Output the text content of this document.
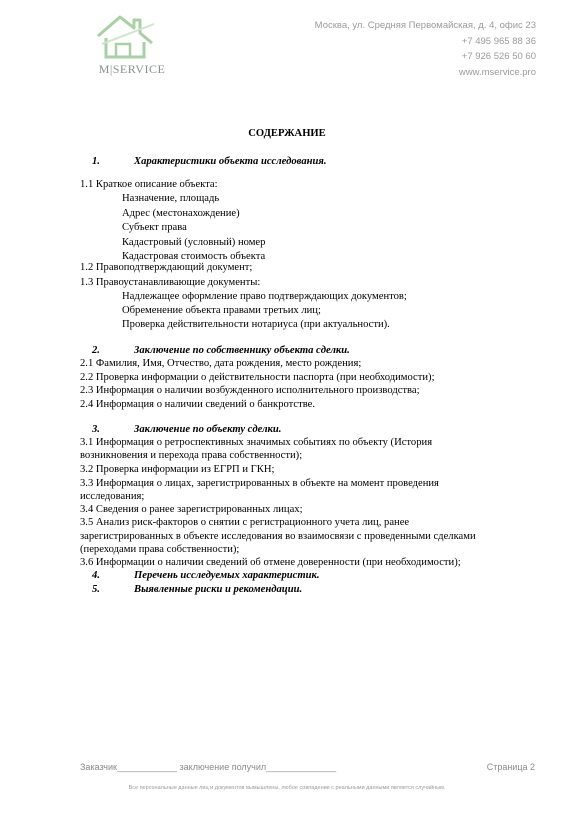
M|SERVICE
Москва, ул. Средняя Первомайская, д. 4, офис 23
+7 495 965 88 36
+7 926 526 50 60
www.mservice.pro
СОДЕРЖАНИЕ
1.	Характеристики объекта исследования.
1.1 Краткое описание объекта:
Назначение, площадь
Адрес (местонахождение)
Субъект права
Кадастровый (условный) номер
Кадастровая стоимость объекта
1.2 Правоподтверждающий документ;
1.3 Правоустанавливающие документы:
Надлежащее оформление право подтверждающих документов;
Обременение объекта правами третьих лиц;
Проверка действительности нотариуса (при актуальности).
2.	Заключение по собственнику объекта сделки.
2.1 Фамилия, Имя, Отчество, дата рождения, место рождения;
2.2 Проверка информации о действительности паспорта (при необходимости);
2.3 Информация о наличии возбужденного исполнительного производства;
2.4 Информация о наличии сведений о банкротстве.
3.	Заключение по объекту сделки.
3.1 Информация о ретроспективных значимых событиях по объекту (История
возникновения и перехода права собственности);
3.2 Проверка информации из ЕГРП и ГКН;
3.3 Информация о лицах, зарегистрированных в объекте на момент проведения
исследования;
3.4 Сведения о ранее зарегистрированных лицах;
3.5 Анализ риск-факторов о снятии с регистрационного учета лиц, ранее
зарегистрированных в объекте исследования во взаимосвязи с проведенными сделками
(переходами права собственности);
3.6 Информации о наличии сведений об отмене доверенности (при необходимости);
4.	Перечень исследуемых характеристик.
5.	Выявленные риски и рекомендации.
Заказчик____________ заключение получил______________	Страница 2
Все персональные данные лиц и документов вымышлены, любое совпадение с реальными данными является случайным.
